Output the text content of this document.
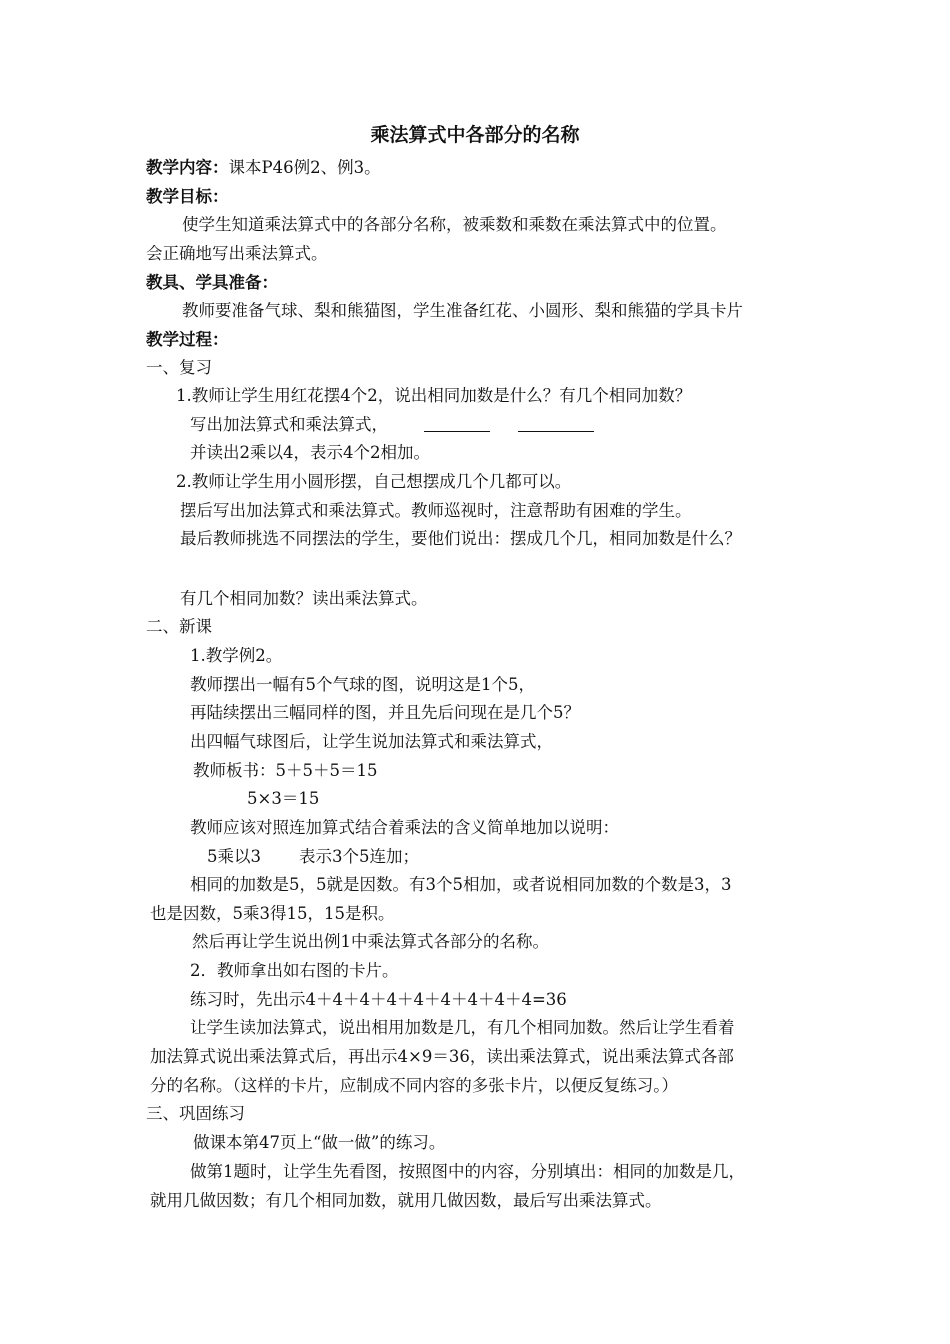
乘法算式中各部分的名称
教学内容：课本P46例2、例3。
教学目标：
使学生知道乘法算式中的各部分名称，被乘数和乘数在乘法算式中的位置。
会正确地写出乘法算式。
教具、学具准备：
教师要准备气球、梨和熊猫图，学生准备红花、小圆形、梨和熊猫的学具卡片
教学过程：
一、复习
1.教师让学生用红花摆4个2，说出相同加数是什么？有几个相同加数？
写出加法算式和乘法算式，
并读出2乘以4，表示4个2相加。
2.教师让学生用小圆形摆，自己想摆成几个几都可以。
摆后写出加法算式和乘法算式。教师巡视时，注意帮助有困难的学生。
最后教师挑选不同摆法的学生，要他们说出：摆成几个几，相同加数是什么？
有几个相同加数？读出乘法算式。
二、新课
1.教学例2。
教师摆出一幅有5个气球的图，说明这是1个5，
再陆续摆出三幅同样的图，并且先后问现在是几个5？
出四幅气球图后，让学生说加法算式和乘法算式，
教师板书：5＋5＋5＝15
5×3＝15
教师应该对照连加算式结合着乘法的含义简单地加以说明：
5乘以3 表示3个5连加；
相同的加数是5，5就是因数。有3个5相加，或者说相同加数的个数是3，3
也是因数，5乘3得15，15是积。
然后再让学生说出例1中乘法算式各部分的名称。
2．教师拿出如右图的卡片。
练习时，先出示4＋4＋4＋4＋4＋4＋4＋4＋4=36
让学生读加法算式，说出相用加数是几，有几个相同加数。然后让学生看着
加法算式说出乘法算式后，再出示4×9＝36，读出乘法算式，说出乘法算式各部
分的名称。（这样的卡片，应制成不同内容的多张卡片，以便反复练习。）
三、巩固练习
做课本第47页上“做一做”的练习。
做第1题时，让学生先看图，按照图中的内容，分别填出：相同的加数是几，
就用几做因数；有几个相同加数，就用几做因数，最后写出乘法算式。
